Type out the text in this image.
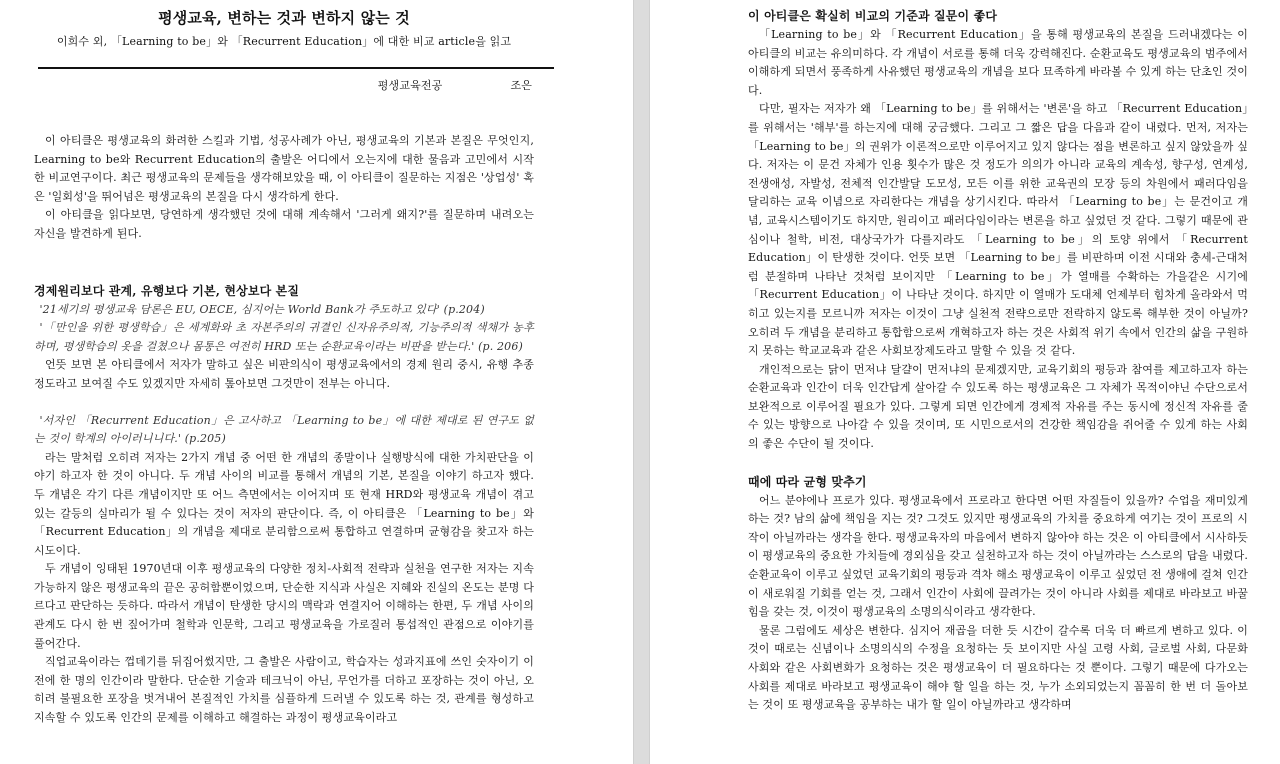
평생교육, 변하는 것과 변하지 않는 것
이희수 외, 「Learning to be」와 「Recurrent Education」에 대한 비교 article을 읽고
평생교육전공	조은

이 아티클은 평생교육의 화려한 스킬과 기법, 성공사례가 아닌, 평생교육의 기본과 본질은 무엇인지, Learning to be와 Recurrent Education의 출발은 어디에서 오는지에 대한 물음과 고민에서 시작한 비교연구이다. 최근 평생교육의 문제들을 생각해보았을 때, 이 아티클이 질문하는 지점은 '상업성' 혹은 '일회성'을 뛰어넘은 평생교육의 본질을 다시 생각하게 한다.

이 아티클을 읽다보면, 당연하게 생각했던 것에 대해 계속해서 '그러게 왜지?'를 질문하며 내려오는 자신을 발견하게 된다.

경제원리보다 관계, 유행보다 기본, 현상보다 본질

'21세기의 평생교육 담론은 EU, OECE, 심지어는 World Bank가 주도하고 있다' (p.204)

'「만인을 위한 평생학습」은 세계화와 초 자본주의의 귀결인 신자유주의적, 기능주의적 색채가 농후하며, 평생학습의 옷을 걸쳤으나 몸통은 여전히 HRD 또는 순환교육이라는 비판을 받는다.' (p. 206)

언뜻 보면 본 아티클에서 저자가 말하고 싶은 비판의식이 평생교육에서의 경제 원리 중시, 유행 추종 정도라고 보여질 수도 있겠지만 자세히 톺아보면 그것만이 전부는 아니다.

'서자인 「Recurrent Education」은 고사하고 「Learning to be」에 대한 제대로 된 연구도 없는 것이 학계의 아이러니니다.' (p.205)

라는 말처럼 오히려 저자는 2가지 개념 중 어떤 한 개념의 종말이나 실행방식에 대한 가치판단을 이야기 하고자 한 것이 아니다. 두 개념 사이의 비교를 통해서 개념의 기본, 본질을 이야기 하고자 했다. 두 개념은 각기 다른 개념이지만 또 어느 측면에서는 이어지며 또 현재 HRD와 평생교육 개념이 겪고 있는 갈등의 실마리가 될 수 있다는 것이 저자의 판단이다. 즉, 이 아티클은 「Learning to be」와 「Recurrent Education」의 개념을 제대로 분리함으로써 통합하고 연결하며 균형감을 찾고자 하는 시도이다.

두 개념이 잉태된 1970년대 이후 평생교육의 다양한 정치-사회적 전략과 실천을 연구한 저자는 지속 가능하지 않은 평생교육의 끝은 공허함뿐이었으며, 단순한 지식과 사실은 지혜와 진실의 온도는 분명 다르다고 판단하는 듯하다. 따라서 개념이 탄생한 당시의 맥락과 연결지어 이해하는 한편, 두 개념 사이의 관계도 다시 한 번 짚어가며 철학과 인문학, 그리고 평생교육을 가로질러 통섭적인 관점으로 이야기를 풀어간다.

직업교육이라는 껍데기를 뒤집어썼지만, 그 출발은 사람이고, 학습자는 성과지표에 쓰인 숫자이기 이전에 한 명의 인간이라 말한다. 단순한 기술과 테크닉이 아닌, 무언가를 더하고 포장하는 것이 아닌, 오히려 불필요한 포장을 벗겨내어 본질적인 가치를 심플하게 드러낼 수 있도록 하는 것, 관계를 형성하고 지속할 수 있도록 인간의 문제를 이해하고 해결하는 과정이 평생교육이라고

이 아티클은 확실히 비교의 기준과 질문이 좋다

「Learning to be」와 「Recurrent Education」을 통해 평생교육의 본질을 드러내겠다는 이 아티클의 비교는 유의미하다. 각 개념이 서로를 통해 더욱 강력해진다. 순환교육도 평생교육의 범주에서 이해하게 되면서 풍족하게 사유했던 평생교육의 개념을 보다 묘족하게 바라볼 수 있게 하는 단초인 것이다.

다만, 필자는 저자가 왜 「Learning to be」를 위해서는 '변론'을 하고 「Recurrent Education」를 위해서는 '해부'를 하는지에 대해 궁금했다. 그리고 그 짧은 답을 다음과 같이 내렸다. 먼저, 저자는 「Learning to be」의 권위가 이론적으로만 이루어지고 있지 않다는 점을 변론하고 싶지 않았을까 싶다. 저자는 이 문건 자체가 인용 횟수가 많은 것 정도가 의의가 아니라 교육의 계속성, 향구성, 연계성, 전생애성, 자발성, 전체적 인간발달 도모성, 모든 이를 위한 교육권의 모장 등의 차원에서 패러다임을 달리하는 교육 이념으로 자리한다는 개념을 상기시킨다. 따라서 「Learning to be」는 문건이고 개념, 교육시스템이기도 하지만, 원리이고 패러다임이라는 변론을 하고 싶었던 것 같다. 그렇기 때문에 관심이나 철학, 비전, 대상국가가 다를지라도 「Learning to be」의 토양 위에서 「Recurrent Education」이 탄생한 것이다. 언뜻 보면 「Learning to be」를 비판하며 이전 시대와 충세-근대처럼 분절하며 나타난 것처럼 보이지만 「Learning to be」가 열매를 수확하는 가을같은 시기에 「Recurrent Education」이 나타난 것이다. 하지만 이 열매가 도대체 언제부터 힘차게 올라와서 먹히고 있는지를 모르니까 저자는 이것이 그냥 실천적 전략으로만 전락하지 않도록 해부한 것이 아닐까? 오히려 두 개념을 분리하고 통합함으로써 개혁하고자 하는 것은 사회적 위기 속에서 인간의 삶을 구원하지 못하는 학교교육과 같은 사회보장제도라고 말할 수 있을 것 같다.

개인적으로는 닭이 먼저냐 달걀이 먼저냐의 문제겠지만, 교육기회의 평등과 참여를 제고하고자 하는 순환교육과 인간이 더욱 인간답게 살아갈 수 있도록 하는 평생교육은 그 자체가 목적이야닌 수단으로서 보완적으로 이루어질 필요가 있다. 그렇게 되면 인간에게 경제적 자유를 주는 동시에 정신적 자유를 줄 수 있는 방향으로 나아갈 수 있을 것이며, 또 시민으로서의 건강한 책임감을 쥐어줄 수 있게 하는 사회의 좋은 수단이 될 것이다.

때에 따라 균형 맞추기

어느 분야에나 프로가 있다. 평생교육에서 프로라고 한다면 어떤 자질들이 있을까? 수업을 재미있게 하는 것? 남의 삶에 책임을 지는 것? 그것도 있지만 평생교육의 가치를 중요하게 여기는 것이 프로의 시작이 아닐까라는 생각을 한다. 평생교육자의 마음에서 변하지 않아야 하는 것은 이 아티클에서 시사하듯이 평생교육의 중요한 가치들에 경외심을 갖고 실천하고자 하는 것이 아닐까라는 스스로의 답을 내렸다. 순환교육이 이루고 싶었던 교육기회의 평등과 격차 해소 평생교육이 이루고 싶었던 전 생애에 걸쳐 인간이 새로워질 기회를 얻는 것, 그래서 인간이 사회에 끌려가는 것이 아니라 사회를 제대로 바라보고 바꿀 힘을 갖는 것, 이것이 평생교육의 소명의식이라고 생각한다.

물론 그럼에도 세상은 변한다. 심지어 재곱을 더한 듯 시간이 갈수록 더욱 더 빠르게 변하고 있다. 이것이 때로는 신념이나 소명의식의 수정을 요청하는 듯 보이지만 사실 고령 사회, 글로벌 사회, 다문화 사회와 같은 사회변화가 요청하는 것은 평생교육이 더 필요하다는 것 뿐이다. 그렇기 때문에 다가오는 사회를 제대로 바라보고 평생교육이 해야 할 일을 하는 것, 누가 소외되었는지 꼼꼼히 한 번 더 돌아보는 것이 또 평생교육을 공부하는 내가 할 일이 아닐까라고 생각하며
